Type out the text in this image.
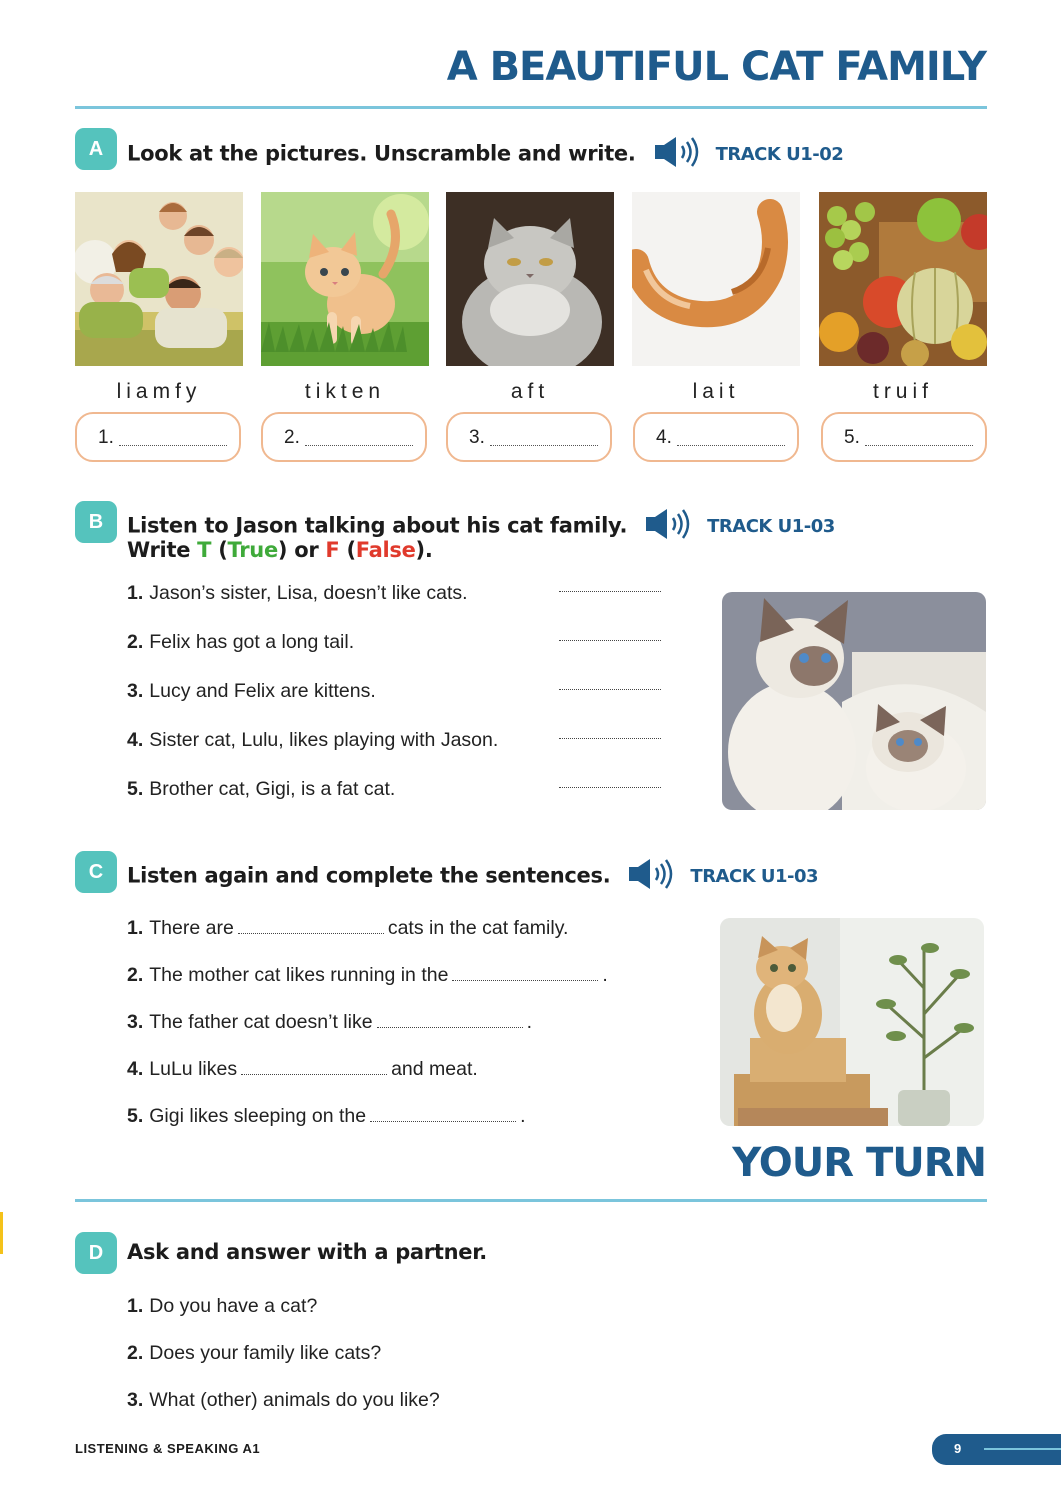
A BEAUTIFUL CAT FAMILY
A	Look at the pictures. Unscramble and write.	TRACK U1-02
liamfy	tikten	aft	lait	truif
1.	2.	3.	4.	5.
B	Listen to Jason talking about his cat family.	TRACK U1-03
Write T (True) or F (False).
1. Jason’s sister, Lisa, doesn’t like cats.
2. Felix has got a long tail.
3. Lucy and Felix are kittens.
4. Sister cat, Lulu, likes playing with Jason.
5. Brother cat, Gigi, is a fat cat.
C	Listen again and complete the sentences.	TRACK U1-03
1. There are	cats in the cat family.
2. The mother cat likes running in the	.
3. The father cat doesn’t like	.
4. LuLu likes	and meat.
5. Gigi likes sleeping on the	.
YOUR TURN
D	Ask and answer with a partner.
1. Do you have a cat?
2. Does your family like cats?
3. What (other) animals do you like?
LISTENING & SPEAKING A1	9
